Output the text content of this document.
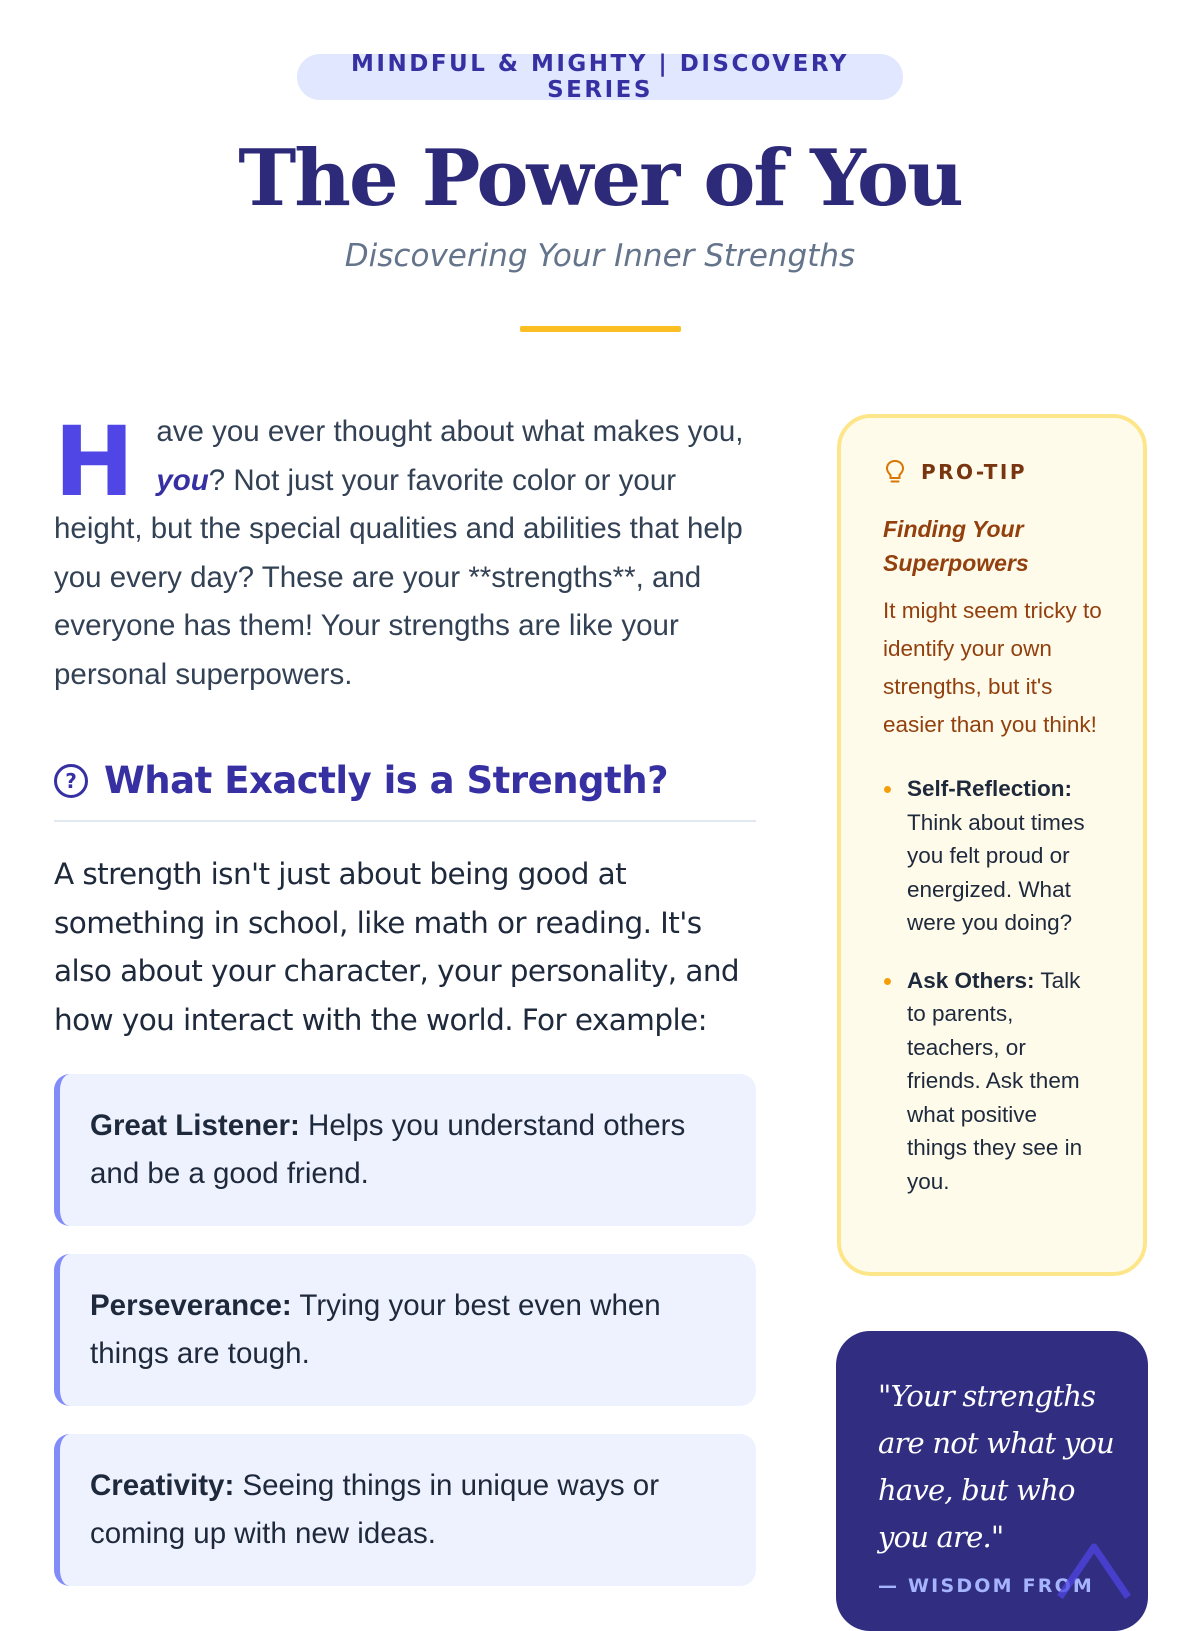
MINDFUL & MIGHTY | DISCOVERY SERIES
The Power of You
Discovering Your Inner Strengths

Have you ever thought about what makes you, you? Not just your favorite color or your height, but the special qualities and abilities that help you every day? These are your **strengths**, and everyone has them! Your strengths are like your personal superpowers.

? What Exactly is a Strength?

A strength isn't just about being good at something in school, like math or reading. It's also about your character, your personality, and how you interact with the world. For example:

Great Listener: Helps you understand others and be a good friend.
Perseverance: Trying your best even when things are tough.
Creativity: Seeing things in unique ways or coming up with new ideas.
PRO-TIP

Finding Your Superpowers

It might seem tricky to identify your own strengths, but it's easier than you think!

Self-Reflection: Think about times you felt proud or energized. What were you doing?
Ask Others: Talk to parents, teachers, or friends. Ask them what positive things they see in you.

"Your strengths are not what you have, but who you are."

— WISDOM FROM
